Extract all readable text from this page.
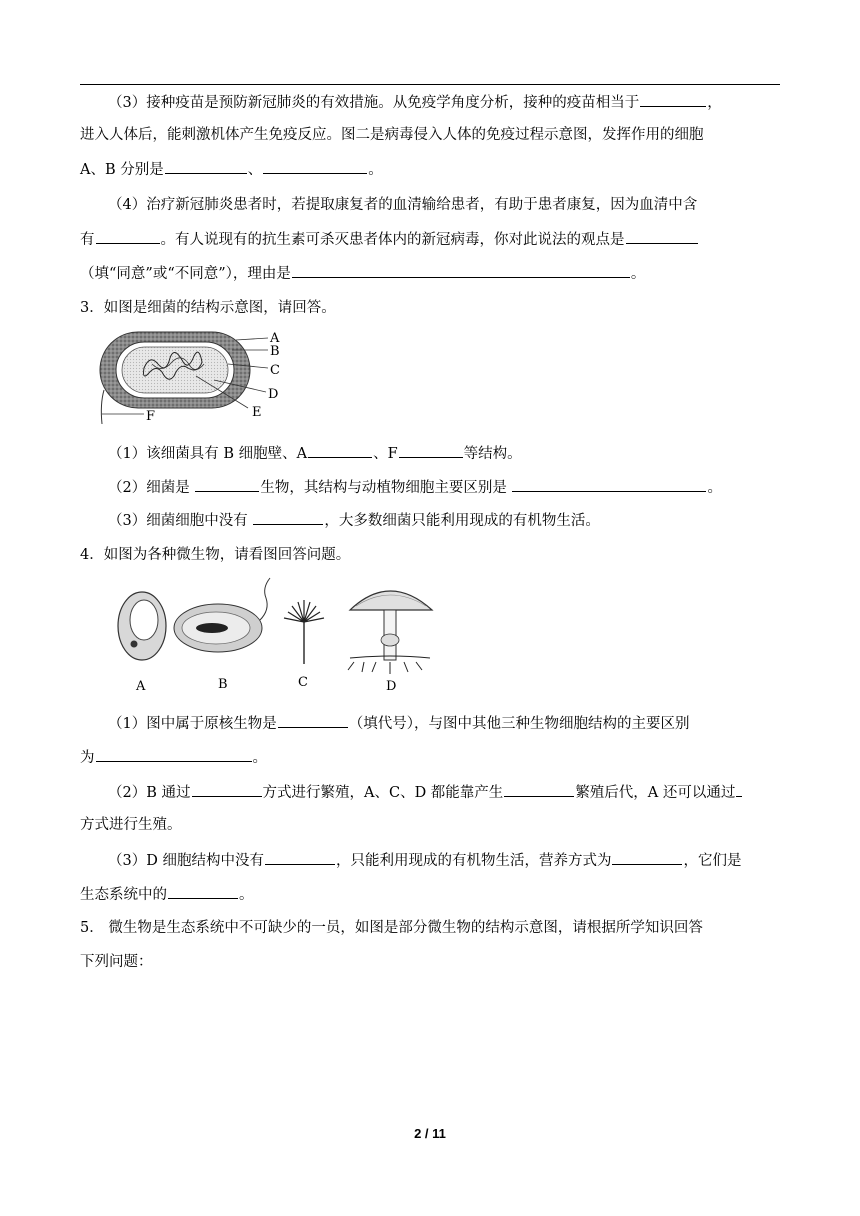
（3）接种疫苗是预防新冠肺炎的有效措施。从免疫学角度分析，接种的疫苗相当于	，
进入人体后，能刺激机体产生免疫反应。图二是病毒侵入人体的免疫过程示意图，发挥作用的细胞
A、B 分别是	、	。
（4）治疗新冠肺炎患者时，若提取康复者的血清输给患者，有助于患者康复，因为血清中含
有	。有人说现有的抗生素可杀灭患者体内的新冠病毒，你对此说法的观点是
（填“同意”或“不同意”），理由是	。
3．如图是细菌的结构示意图，请回答。
A
B
C
D
E
F
（1）该细菌具有 B 细胞壁、A	、F	等结构。
（2）细菌是	生物，其结构与动植物细胞主要区别是	。
（3）细菌细胞中没有	，大多数细菌只能利用现成的有机物生活。
4．如图为各种微生物，请看图回答问题。
A	B	C	D
（1）图中属于原核生物是	（填代号），与图中其他三种生物细胞结构的主要区别
为	。
（2）B 通过	方式进行繁殖，A、C、D 都能靠产生	繁殖后代，A 还可以通过
方式进行生殖。
（3）D 细胞结构中没有	，只能利用现成的有机物生活，营养方式为	，它们是
生态系统中的	。
5． 微生物是生态系统中不可缺少的一员，如图是部分微生物的结构示意图，请根据所学知识回答
下列问题：
2 / 11
